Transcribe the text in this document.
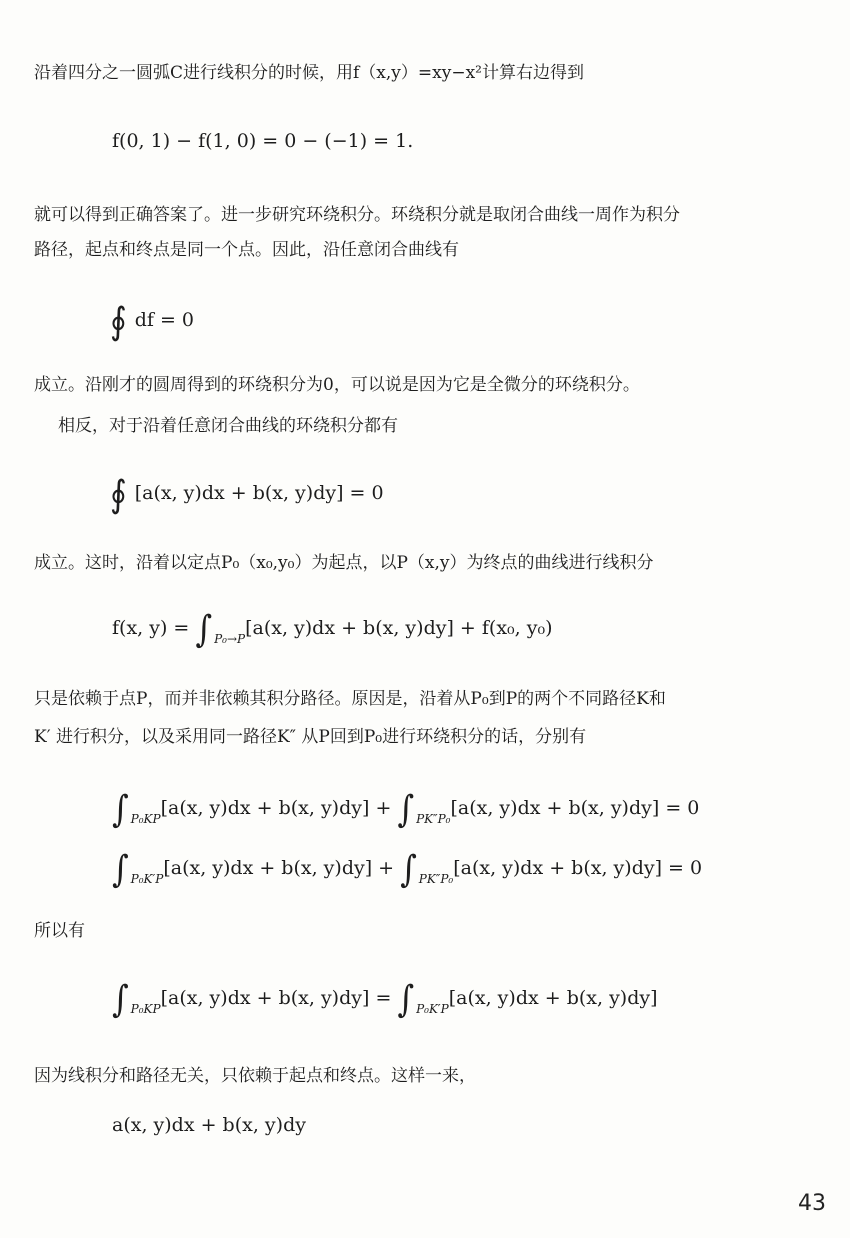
沿着四分之一圆弧C进行线积分的时候，用f（x,y）=xy−x²计算右边得到

f(0, 1) − f(1, 0) = 0 − (−1) = 1.

就可以得到正确答案了。进一步研究环绕积分。环绕积分就是取闭合曲线一周作为积分

路径，起点和终点是同一个点。因此，沿任意闭合曲线有

∮ df = 0

成立。沿刚才的圆周得到的环绕积分为0，可以说是因为它是全微分的环绕积分。

相反，对于沿着任意闭合曲线的环绕积分都有

∮ [a(x, y)dx + b(x, y)dy] = 0

成立。这时，沿着以定点P₀（x₀,y₀）为起点，以P（x,y）为终点的曲线进行线积分

f(x, y) = ∫ $_{P_0\to P}$[a(x, y)dx + b(x, y)dy] + f(x₀, y₀)

只是依赖于点P，而并非依赖其积分路径。原因是，沿着从P₀到P的两个不同路径K和

K′ 进行积分，以及采用同一路径K″ 从P回到P₀进行环绕积分的话，分别有

∫ $_{P_0KP}$[a(x, y)dx + b(x, y)dy] + ∫ $_{PK''P_0}$[a(x, y)dx + b(x, y)dy] = 0
∫ $_{P_0K'P}$[a(x, y)dx + b(x, y)dy] + ∫ $_{PK''P_0}$[a(x, y)dx + b(x, y)dy] = 0

所以有

∫ $_{P_0KP}$[a(x, y)dx + b(x, y)dy] = ∫ $_{P_0K'P}$[a(x, y)dx + b(x, y)dy]

因为线积分和路径无关，只依赖于起点和终点。这样一来，

a(x, y)dx + b(x, y)dy
43
